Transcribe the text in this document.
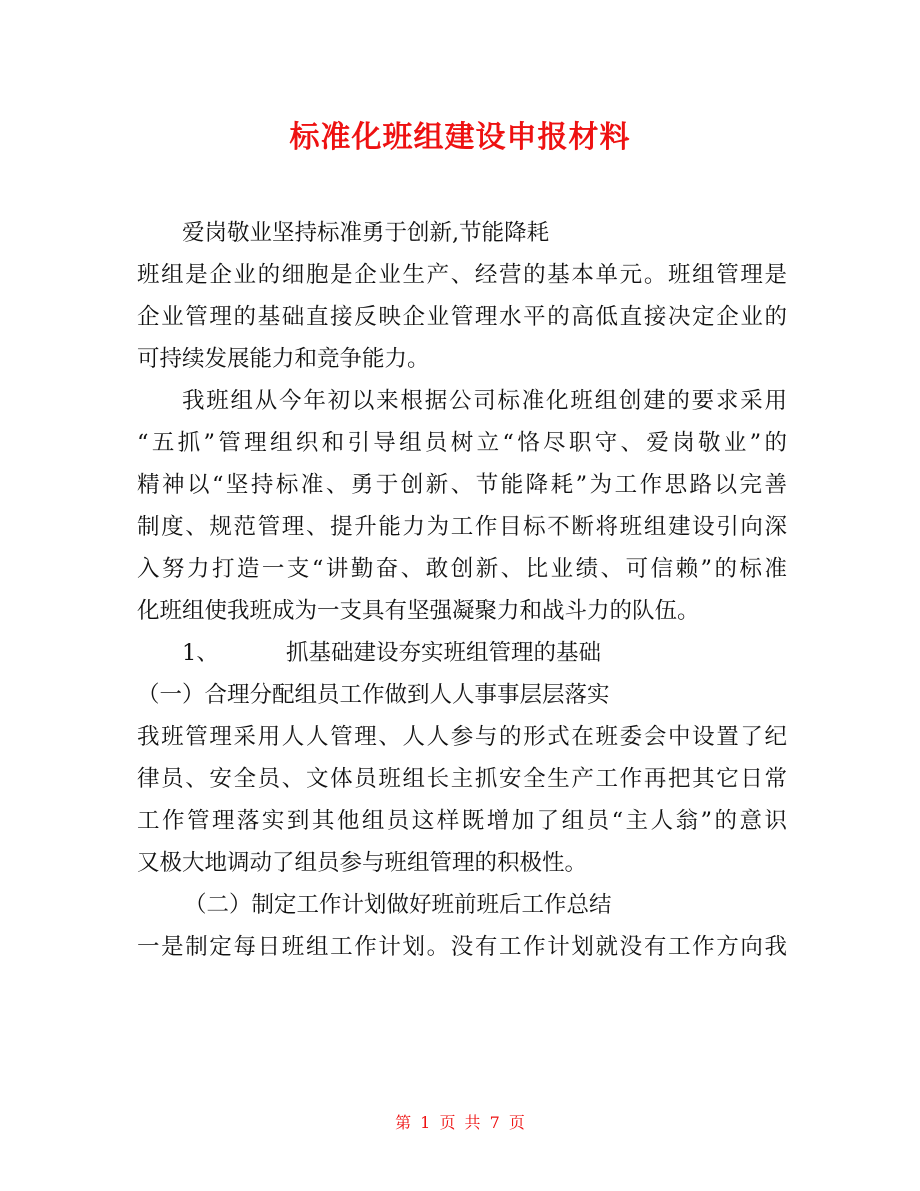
标准化班组建设申报材料
爱岗敬业坚持标准勇于创新,节能降耗
班组是企业的细胞是企业生产、经营的基本单元。班组管理是
企业管理的基础直接反映企业管理水平的高低直接决定企业的
可持续发展能力和竞争能力。
我班组从今年初以来根据公司标准化班组创建的要求采用
“五抓”管理组织和引导组员树立“恪尽职守、爱岗敬业”的
精神以“坚持标准、勇于创新、节能降耗”为工作思路以完善
制度、规范管理、提升能力为工作目标不断将班组建设引向深
入努力打造一支“讲勤奋、敢创新、比业绩、可信赖”的标准
化班组使我班成为一支具有坚强凝聚力和战斗力的队伍。
1、	抓基础建设夯实班组管理的基础
（一）合理分配组员工作做到人人事事层层落实
我班管理采用人人管理、人人参与的形式在班委会中设置了纪
律员、安全员、文体员班组长主抓安全生产工作再把其它日常
工作管理落实到其他组员这样既增加了组员“主人翁”的意识
又极大地调动了组员参与班组管理的积极性。
（二）制定工作计划做好班前班后工作总结
一是制定每日班组工作计划。没有工作计划就没有工作方向我
第 1 页 共 7 页
